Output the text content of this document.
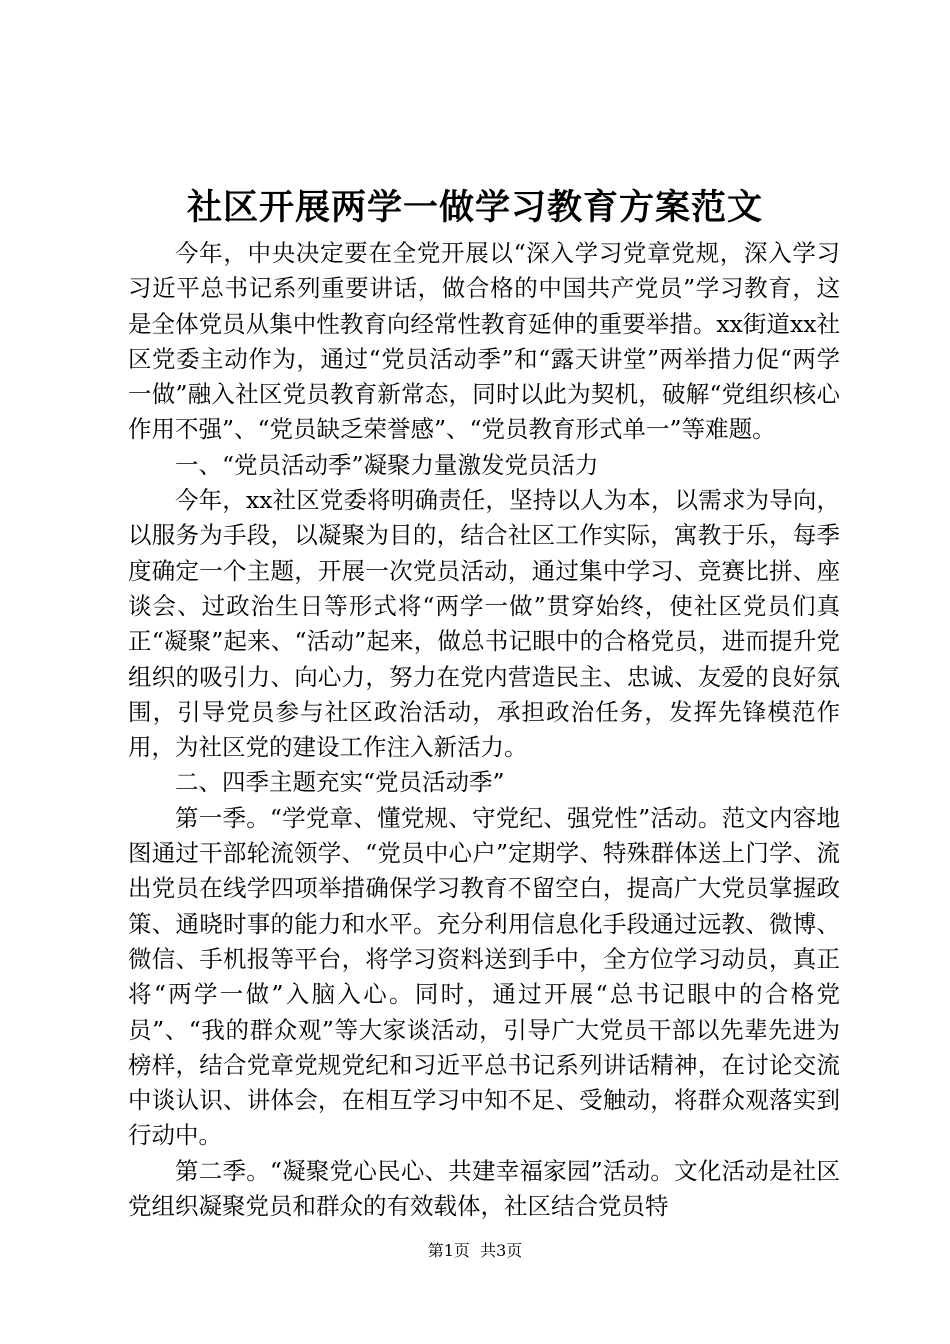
社区开展两学一做学习教育方案范文

今年，中央决定要在全党开展以“深入学习党章党规，深入学习习近平总书记系列重要讲话，做合格的中国共产党员”学习教育，这是全体党员从集中性教育向经常性教育延伸的重要举措。xx街道xx社区党委主动作为，通过“党员活动季”和“露天讲堂”两举措力促“两学一做”融入社区党员教育新常态，同时以此为契机，破解“党组织核心作用不强”、“党员缺乏荣誉感”、“党员教育形式单一”等难题。

一、“党员活动季”凝聚力量激发党员活力

今年，xx社区党委将明确责任，坚持以人为本，以需求为导向，以服务为手段，以凝聚为目的，结合社区工作实际，寓教于乐，每季度确定一个主题，开展一次党员活动，通过集中学习、竞赛比拼、座谈会、过政治生日等形式将“两学一做”贯穿始终，使社区党员们真正“凝聚”起来、“活动”起来，做总书记眼中的合格党员，进而提升党组织的吸引力、向心力，努力在党内营造民主、忠诚、友爱的良好氛围，引导党员参与社区政治活动，承担政治任务，发挥先锋模范作用，为社区党的建设工作注入新活力。

二、四季主题充实“党员活动季”

第一季。“学党章、懂党规、守党纪、强党性”活动。范文内容地图通过干部轮流领学、“党员中心户”定期学、特殊群体送上门学、流出党员在线学四项举措确保学习教育不留空白，提高广大党员掌握政策、通晓时事的能力和水平。充分利用信息化手段通过远教、微博、微信、手机报等平台，将学习资料送到手中，全方位学习动员，真正将“两学一做”入脑入心。同时，通过开展“总书记眼中的合格党员”、“我的群众观”等大家谈活动，引导广大党员干部以先辈先进为榜样，结合党章党规党纪和习近平总书记系列讲话精神，在讨论交流中谈认识、讲体会，在相互学习中知不足、受触动，将群众观落实到行动中。

第二季。“凝聚党心民心、共建幸福家园”活动。文化活动是社区党组织凝聚党员和群众的有效载体，社区结合党员特

第1页 共3页
